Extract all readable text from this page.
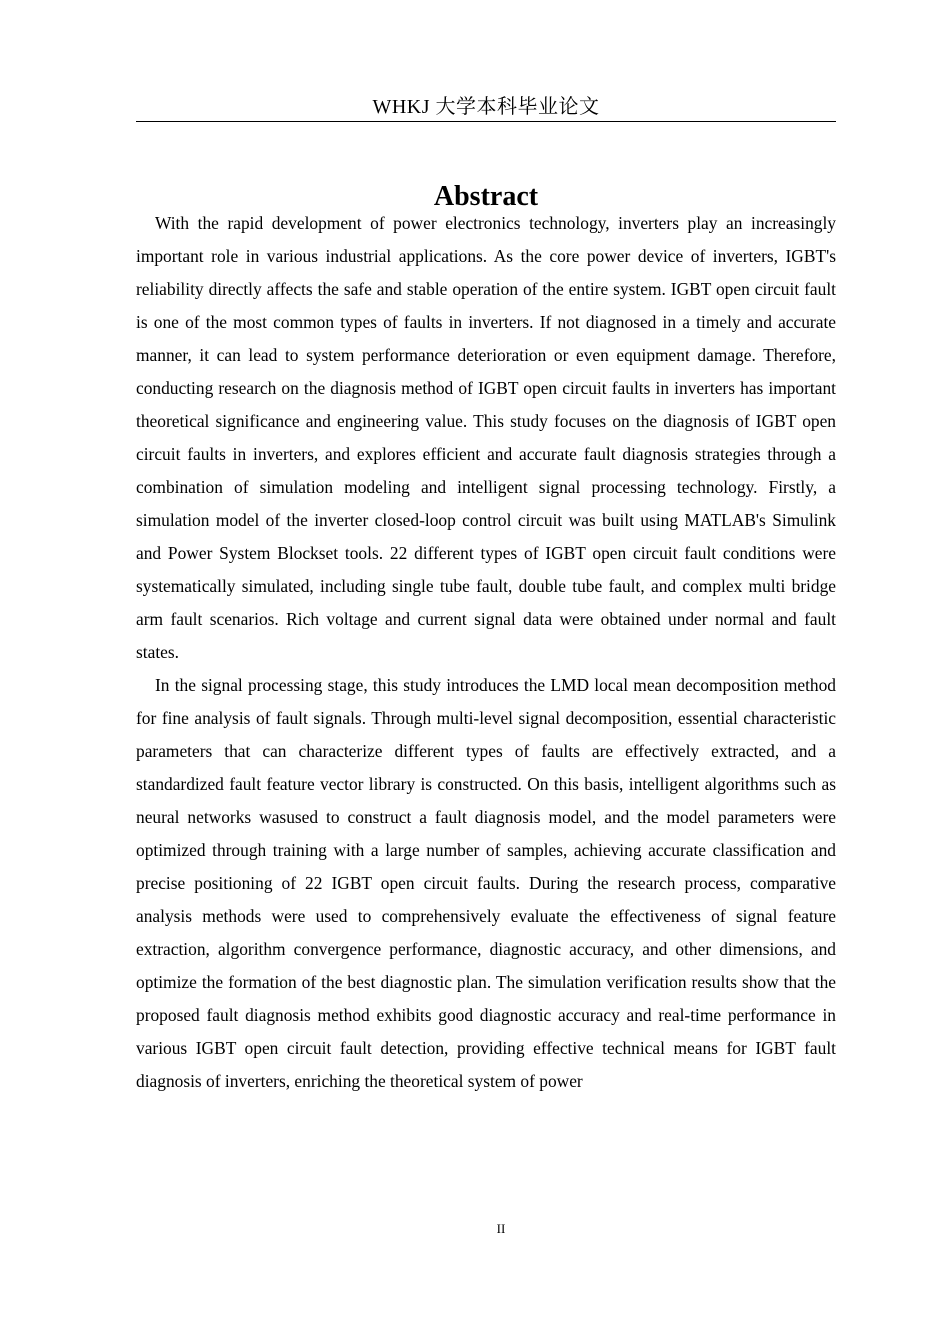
WHKJ 大学本科毕业论文
Abstract

With the rapid development of power electronics technology, inverters play an increasingly important role in various industrial applications. As the core power device of inverters, IGBT's reliability directly affects the safe and stable operation of the entire system. IGBT open circuit fault is one of the most common types of faults in inverters. If not diagnosed in a timely and accurate manner, it can lead to system performance deterioration or even equipment damage. Therefore, conducting research on the diagnosis method of IGBT open circuit faults in inverters has important theoretical significance and engineering value. This study focuses on the diagnosis of IGBT open circuit faults in inverters, and explores efficient and accurate fault diagnosis strategies through a combination of simulation modeling and intelligent signal processing technology. Firstly, a simulation model of the inverter closed-loop control circuit was built using MATLAB's Simulink and Power System Blockset tools. 22 different types of IGBT open circuit fault conditions were systematically simulated, including single tube fault, double tube fault, and complex multi bridge arm fault scenarios. Rich voltage and current signal data were obtained under normal and fault states.

In the signal processing stage, this study introduces the LMD local mean decomposition method for fine analysis of fault signals. Through multi-level signal decomposition, essential characteristic parameters that can characterize different types of faults are effectively extracted, and a standardized fault feature vector library is constructed. On this basis, intelligent algorithms such as neural networks wasused to construct a fault diagnosis model, and the model parameters were optimized through training with a large number of samples, achieving accurate classification and precise positioning of 22 IGBT open circuit faults. During the research process, comparative analysis methods were used to comprehensively evaluate the effectiveness of signal feature extraction, algorithm convergence performance, diagnostic accuracy, and other dimensions, and optimize the formation of the best diagnostic plan. The simulation verification results show that the proposed fault diagnosis method exhibits good diagnostic accuracy and real-time performance in various IGBT open circuit fault detection, providing effective technical means for IGBT fault diagnosis of inverters, enriching the theoretical system of power

II
